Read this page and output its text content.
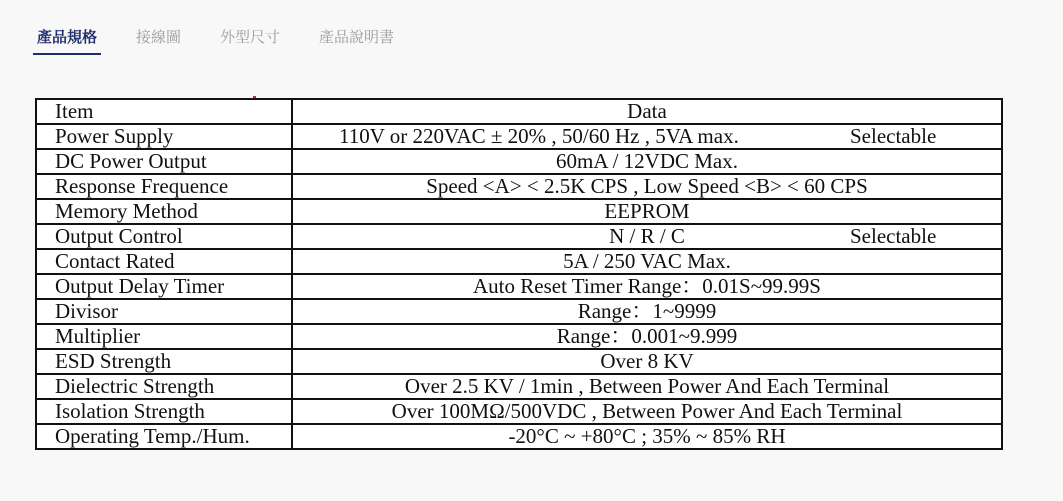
產品規格	接線圖	外型尺寸	產品說明書
Item	Data
Power Supply	110V or 220VAC ± 20% , 50/60 Hz , 5VA max. Selectable

DC Power Output	60mA / 12VDC Max.
Response Frequence	Speed <A> < 2.5K CPS , Low Speed <B> < 60 CPS
Memory Method	EEPROM
Output Control	N / R / C Selectable

Contact Rated	5A / 250 VAC Max.
Output Delay Timer	Auto Reset Timer Range：0.01S~99.99S
Divisor	Range：1~9999
Multiplier	Range：0.001~9.999
ESD Strength	Over 8 KV
Dielectric Strength	Over 2.5 KV / 1min , Between Power And Each Terminal
Isolation Strength	Over 100MΩ/500VDC , Between Power And Each Terminal
Operating Temp./Hum.	-20°C ~ +80°C ; 35% ~ 85% RH
